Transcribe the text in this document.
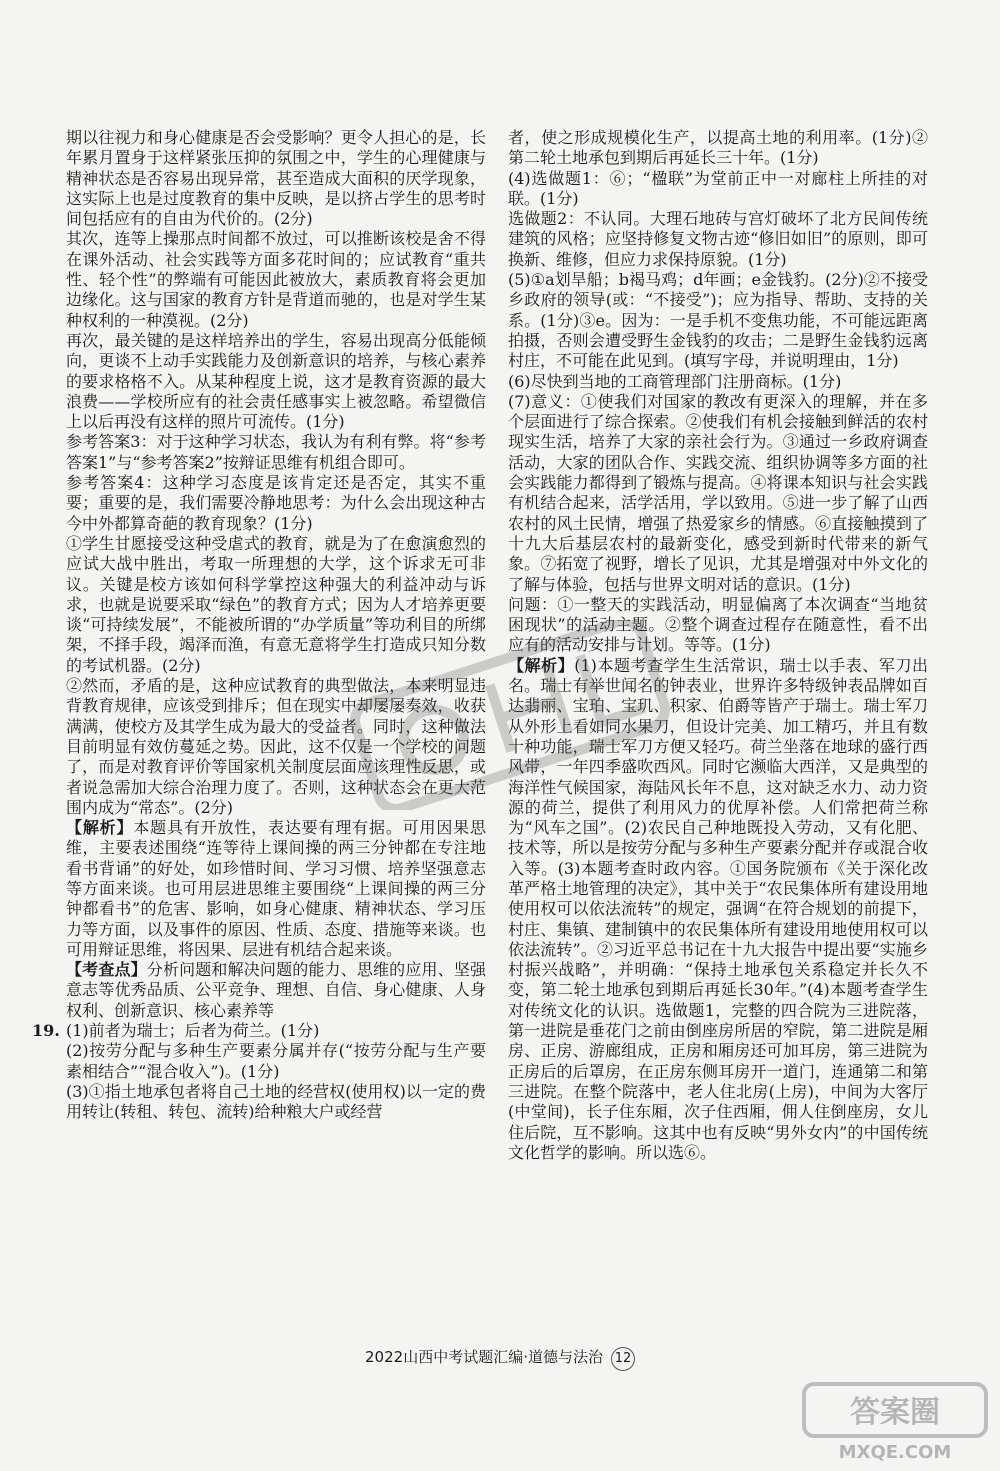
期以往视力和身心健康是否会受影响？更令人担心的是，长年累月置身于这样紧张压抑的氛围之中，学生的心理健康与精神状态是否容易出现异常，甚至造成大面积的厌学现象，这实际上也是过度教育的集中反映，是以挤占学生的思考时间包括应有的自由为代价的。(2分)

其次，连等上操那点时间都不放过，可以推断该校是舍不得在课外活动、社会实践等方面多花时间的；应试教育“重共性、轻个性”的弊端有可能因此被放大，素质教育将会更加边缘化。这与国家的教育方针是背道而驰的，也是对学生某种权利的一种漠视。(2分)

再次，最关键的是这样培养出的学生，容易出现高分低能倾向，更谈不上动手实践能力及创新意识的培养，与核心素养的要求格格不入。从某种程度上说，这才是教育资源的最大浪费——学校所应有的社会责任感事实上被忽略。希望微信上以后再没有这样的照片可流传。(1分)

参考答案3：对于这种学习状态，我认为有利有弊。将“参考答案1”与“参考答案2”按辩证思维有机组合即可。

参考答案4：这种学习态度是该肯定还是否定，其实不重要；重要的是，我们需要冷静地思考：为什么会出现这种古今中外都算奇葩的教育现象？(1分)

①学生甘愿接受这种受虐式的教育，就是为了在愈演愈烈的应试大战中胜出，考取一所理想的大学，这个诉求无可非议。关键是校方该如何科学掌控这种强大的利益冲动与诉求，也就是说要采取“绿色”的教育方式；因为人才培养更要谈“可持续发展”，不能被所谓的“办学质量”等功利目的所绑架，不择手段，竭泽而渔，有意无意将学生打造成只知分数的考试机器。(2分)

②然而，矛盾的是，这种应试教育的典型做法，本来明显违背教育规律，应该受到排斥；但在现实中却屡屡奏效，收获满满，使校方及其学生成为最大的受益者。同时，这种做法目前明显有效仿蔓延之势。因此，这不仅是一个学校的问题了，而是对教育评价等国家机关制度层面应该理性反思，或者说急需加大综合治理力度了。否则，这种状态会在更大范围内成为“常态”。(2分)

【解析】本题具有开放性，表达要有理有据。可用因果思维，主要表述围绕“连等待上课间操的两三分钟都在专注地看书背诵”的好处，如珍惜时间、学习习惯、培养坚强意志等方面来谈。也可用层进思维主要围绕“上课间操的两三分钟都看书”的危害、影响，如身心健康、精神状态、学习压力等方面，以及事件的原因、性质、态度、措施等来谈。也可用辩证思维，将因果、层进有机结合起来谈。

【考查点】分析问题和解决问题的能力、思维的应用、坚强意志等优秀品质、公平竞争、理想、自信、身心健康、人身权利、创新意识、核心素养等

19. (1)前者为瑞士；后者为荷兰。(1分)

(2)按劳分配与多种生产要素分属并存(“按劳分配与生产要素相结合”“混合收入”)。(1分)

(3)①指土地承包者将自己土地的经营权(使用权)以一定的费用转让(转租、转包、流转)给种粮大户或经营

者，使之形成规模化生产，以提高土地的利用率。(1分)②第二轮土地承包到期后再延长三十年。(1分)

(4)选做题1：⑥；“楹联”为堂前正中一对廊柱上所挂的对联。(1分)

选做题2：不认同。大理石地砖与宫灯破坏了北方民间传统建筑的风格；应坚持修复文物古迹“修旧如旧”的原则，即可换新、维修，但应力求保持原貌。(1分)

(5)①a划旱船；b褐马鸡；d年画；e金钱豹。(2分)②不接受乡政府的领导(或：“不接受”)；应为指导、帮助、支持的关系。(1分)③e。因为：一是手机不变焦功能，不可能远距离拍摄，否则会遭受野生金钱豹的攻击；二是野生金钱豹远离村庄，不可能在此见到。(填写字母，并说明理由，1分)

(6)尽快到当地的工商管理部门注册商标。(1分)

(7)意义：①使我们对国家的教改有更深入的理解，并在多个层面进行了综合探索。②使我们有机会接触到鲜活的农村现实生活，培养了大家的亲社会行为。③通过一乡政府调查活动，大家的团队合作、实践交流、组织协调等多方面的社会实践能力都得到了锻炼与提高。④将课本知识与社会实践有机结合起来，活学活用，学以致用。⑤进一步了解了山西农村的风土民情，增强了热爱家乡的情感。⑥直接触摸到了十九大后基层农村的最新变化，感受到新时代带来的新气象。⑦拓宽了视野，增长了见识，尤其是增强对中外文化的了解与体验，包括与世界文明对话的意识。(1分)

问题：①一整天的实践活动，明显偏离了本次调查“当地贫困现状”的活动主题。②整个调查过程存在随意性，看不出应有的活动安排与计划。等等。(1分)

【解析】(1)本题考查学生生活常识，瑞士以手表、军刀出名。瑞士有举世闻名的钟表业，世界许多特级钟表品牌如百达翡丽、宝珀、宝玑、积家、伯爵等皆产于瑞士。瑞士军刀从外形上看如同水果刀，但设计完美、加工精巧，并且有数十种功能，瑞士军刀方便又轻巧。荷兰坐落在地球的盛行西风带，一年四季盛吹西风。同时它濒临大西洋，又是典型的海洋性气候国家，海陆风长年不息，这对缺乏水力、动力资源的荷兰，提供了利用风力的优厚补偿。人们常把荷兰称为“风车之国”。(2)农民自己种地既投入劳动，又有化肥、技术等，所以是按劳分配与多种生产要素分配并存或混合收入等。(3)本题考查时政内容。①国务院颁布《关于深化改革严格土地管理的决定》，其中关于“农民集体所有建设用地使用权可以依法流转”的规定，强调“在符合规划的前提下，村庄、集镇、建制镇中的农民集体所有建设用地使用权可以依法流转”。②习近平总书记在十九大报告中提出要“实施乡村振兴战略”，并明确：“保持土地承包关系稳定并长久不变，第二轮土地承包到期后再延长30年。”(4)本题考查学生对传统文化的认识。选做题1，完整的四合院为三进院落，第一进院是垂花门之前由倒座房所居的窄院，第二进院是厢房、正房、游廊组成，正房和厢房还可加耳房，第三进院为正房后的后罩房，在正房东侧耳房开一道门，连通第二和第三进院。在整个院落中，老人住北房(上房)，中间为大客厅(中堂间)，长子住东厢，次子住西厢，佣人住倒座房，女儿住后院，互不影响。这其中也有反映“男外女内”的中国传统文化哲学的影响。所以选⑥。

2022山西中考试题汇编·道德与法治 12
答案圈
MXQE.COM
